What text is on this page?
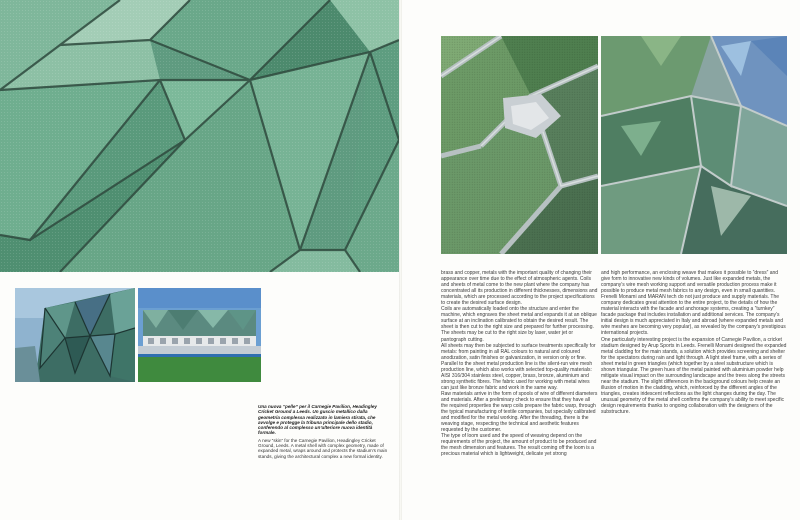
Una nuova “pelle” per il Carnegie Pavilion, Headingley Cricket Ground a Leeds. Un guscio metallico dalla geometria complessa realizzato in lamiera stirata, che avvolge e protegge la tribuna principale dello stadio, conferendo al complesso un’ulteriore nuova identità formale.
A new “skin” for the Carnegie Pavilion, Headingley Cricket Ground, Leeds. A metal shell with complex geometry, made of expanded metal, wraps around and protects the stadium’s main stands, giving the architectural complex a new formal identity.

brass and copper, metals with the important quality of changing their appearance over time due to the effect of atmospheric agents. Coils and sheets of metal come to the new plant where the company has concentrated all its production in different thicknesses, dimensions and materials, which are processed according to the project specifications to create the desired surface design.

Coils are automatically loaded onto the structure and enter the machine, which engraves the sheet metal and expands it at an oblique surface at an inclination calibrated to obtain the desired result. The sheet is then cut to the right size and prepared for further processing. The sheets may be cut to the right size by laser, water jet or pantograph cutting.

All sheets may then be subjected to surface treatments specifically for metals: from painting in all RAL colours to natural and coloured anodization, satin finishes or galvanization, in version only or fine. Parallel to the sheet metal production line is the silent-run wire mesh production line, which also works with selected top-quality materials: AISI 316/304 stainless steel, copper, brass, bronze, aluminium and strong synthetic fibres. The fabric used for working with metal wires can just like bronze fabric and work in the same way.

Raw materials arrive in the form of spools of wire of different diameters and materials. After a preliminary check to ensure that they have all the required properties the warp coils prepare the fabric warp, through the typical manufacturing of textile companies, but specially calibrated and modified for the metal working. After the threading, there is the weaving stage, respecting the technical and aesthetic features requested by the customer.

The type of loom used and the speed of weaving depend on the requirements of the project, the amount of product to be produced and the mesh dimension and features. The result coming off the loom is a precious material which is lightweight, delicate yet strong

and high performance, an enclosing weave that makes it possible to “dress” and give form to innovative new kinds of volumes. Just like expanded metals, the company’s wire mesh working support and versatile production process make it possible to produce metal mesh fabrics to any design, even in small quantities.

Frenelli Monami and MARAN tech do not just produce and supply materials. The company dedicates great attention to the entire project, to the details of how the material interacts with the facade and anchorage systems, creating a “turnkey” facade package that includes installation and additional services. The company’s initial design is much appreciated in Italy and abroad (where expanded metals and wire meshes are becoming very popular), as revealed by the company’s prestigious international projects.

One particularly interesting project is the expansion of Carnegie Pavilion, a cricket stadium designed by Arup Sports in Leeds. Frenelli Monami designed the expanded metal cladding for the main stands, a solution which provides screening and shelter for the spectators during rain and light through. A light steel frame, with a series of sheet metal in green triangles (which together by a steel substructure which is shown triangular. The green hues of the metal painted with aluminium powder help mitigate visual impact on the surrounding landscape and the trees along the streets near the stadium. The slight differences in the background colours help create an illusion of motion in the cladding, which, reinforced by the different angles of the triangles, creates iridescent reflections as the light changes during the day. The unusual geometry of the metal shell confirms the company’s ability to meet specific design requirements thanks to ongoing collaboration with the designers of the substructure.
